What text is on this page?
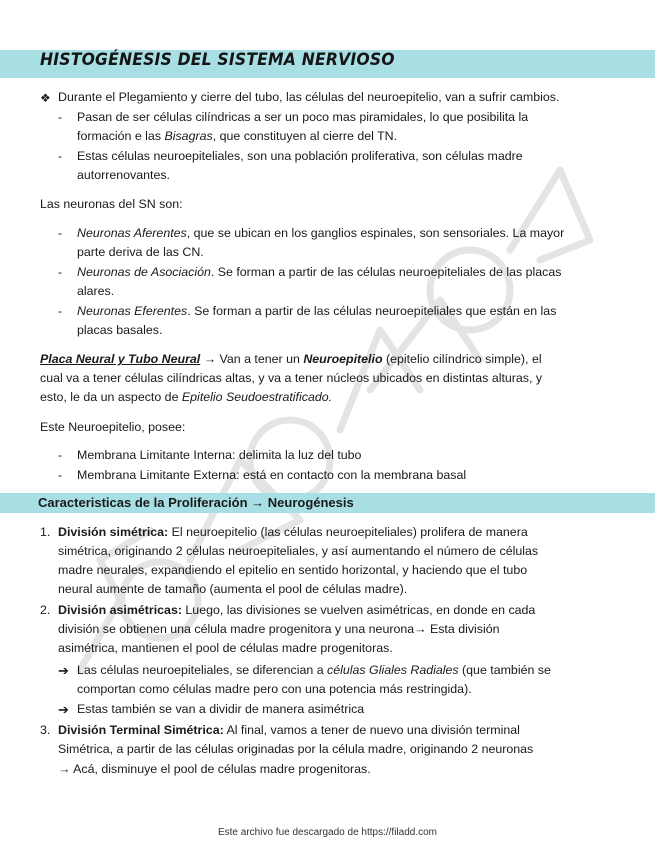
HISTOGÉNESIS DEL SISTEMA NERVIOSO
❖ Durante el Plegamiento y cierre del tubo, las células del neuroepitelio, van a sufrir cambios.
- Pasan de ser células cilíndricas a ser un poco mas piramidales, lo que posibilita la
formación e las Bisagras, que constituyen al cierre del TN.
- Estas células neuroepiteliales, son una población proliferativa, son células madre
autorrenovantes.
Las neuronas del SN son:
- Neuronas Aferentes, que se ubican en los ganglios espinales, son sensoriales. La mayor
parte deriva de las CN.
- Neuronas de Asociación. Se forman a partir de las células neuroepiteliales de las placas
alares.
- Neuronas Eferentes. Se forman a partir de las células neuroepiteliales que están en las
placas basales.
Placa Neural y Tubo Neural → Van a tener un Neuroepitelio (epitelio cilíndrico simple), el
cual va a tener células cilíndricas altas, y va a tener núcleos ubicados en distintas alturas, y
esto, le da un aspecto de Epitelio Seudoestratificado.
Este Neuroepitelio, posee:
- Membrana Limitante Interna: delimita la luz del tubo
- Membrana Limitante Externa: está en contacto con la membrana basal
Caracteristicas de la Proliferación → Neurogénesis
1. División simétrica: El neuroepitelio (las células neuroepiteliales) prolifera de manera
simétrica, originando 2 células neuroepiteliales, y así aumentando el número de células
madre neurales, expandiendo el epitelio en sentido horizontal, y haciendo que el tubo
neural aumente de tamaño (aumenta el pool de células madre).
2. División asimétricas: Luego, las divisiones se vuelven asimétricas, en donde en cada
división se obtienen una célula madre progenitora y una neurona→ Esta división
asimétrica, mantienen el pool de células madre progenitoras.
➔ Las células neuroepiteliales, se diferencian a células Gliales Radiales (que también se
comportan como células madre pero con una potencia más restringida).
➔ Estas también se van a dividir de manera asimétrica
3. División Terminal Simétrica: Al final, vamos a tener de nuevo una división terminal
Simétrica, a partir de las células originadas por la célula madre, originando 2 neuronas
→ Acá, disminuye el pool de células madre progenitoras.
Este archivo fue descargado de https://filadd.com
